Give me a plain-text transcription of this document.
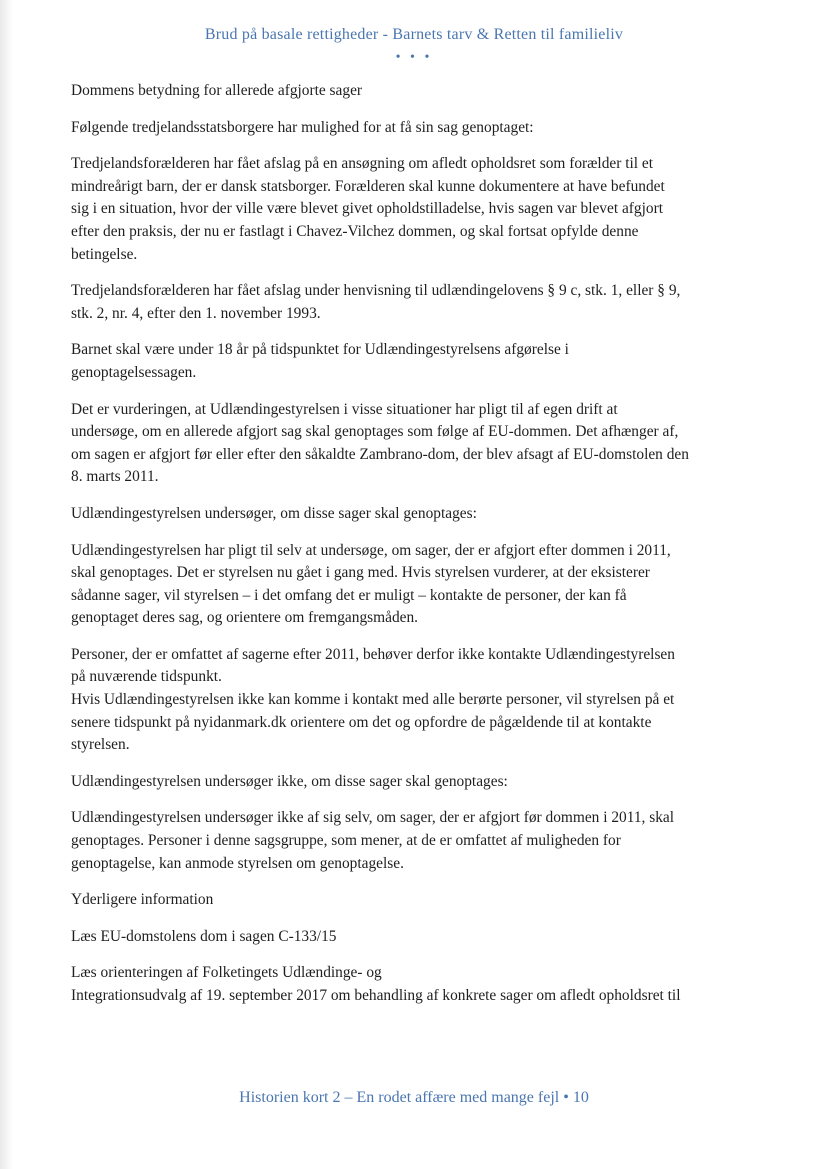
Brud på basale rettigheder - Barnets tarv & Retten til familieliv
• • •

Dommens betydning for allerede afgjorte sager

Følgende tredjelandsstatsborgere har mulighed for at få sin sag genoptaget:

Tredjelandsforælderen har fået afslag på en ansøgning om afledt opholdsret som forælder til et
mindreårigt barn, der er dansk statsborger. Forælderen skal kunne dokumentere at have befundet
sig i en situation, hvor der ville være blevet givet opholdstilladelse, hvis sagen var blevet afgjort
efter den praksis, der nu er fastlagt i Chavez-Vilchez dommen, og skal fortsat opfylde denne
betingelse.

Tredjelandsforælderen har fået afslag under henvisning til udlændingelovens § 9 c, stk. 1, eller § 9,
stk. 2, nr. 4, efter den 1. november 1993.

Barnet skal være under 18 år på tidspunktet for Udlændingestyrelsens afgørelse i
genoptagelsessagen.

Det er vurderingen, at Udlændingestyrelsen i visse situationer har pligt til af egen drift at
undersøge, om en allerede afgjort sag skal genoptages som følge af EU-dommen. Det afhænger af,
om sagen er afgjort før eller efter den såkaldte Zambrano-dom, der blev afsagt af EU-domstolen den
8. marts 2011.

Udlændingestyrelsen undersøger, om disse sager skal genoptages:

Udlændingestyrelsen har pligt til selv at undersøge, om sager, der er afgjort efter dommen i 2011,
skal genoptages. Det er styrelsen nu gået i gang med. Hvis styrelsen vurderer, at der eksisterer
sådanne sager, vil styrelsen – i det omfang det er muligt – kontakte de personer, der kan få
genoptaget deres sag, og orientere om fremgangsmåden.

Personer, der er omfattet af sagerne efter 2011, behøver derfor ikke kontakte Udlændingestyrelsen
på nuværende tidspunkt.
Hvis Udlændingestyrelsen ikke kan komme i kontakt med alle berørte personer, vil styrelsen på et
senere tidspunkt på nyidanmark.dk orientere om det og opfordre de pågældende til at kontakte
styrelsen.

Udlændingestyrelsen undersøger ikke, om disse sager skal genoptages:

Udlændingestyrelsen undersøger ikke af sig selv, om sager, der er afgjort før dommen i 2011, skal
genoptages. Personer i denne sagsgruppe, som mener, at de er omfattet af muligheden for
genoptagelse, kan anmode styrelsen om genoptagelse.

Yderligere information

Læs EU-domstolens dom i sagen C-133/15

Læs orienteringen af Folketingets Udlændinge- og
Integrationsudvalg af 19. september 2017 om behandling af konkrete sager om afledt opholdsret til

Historien kort 2 – En rodet affære med mange fejl • 10
